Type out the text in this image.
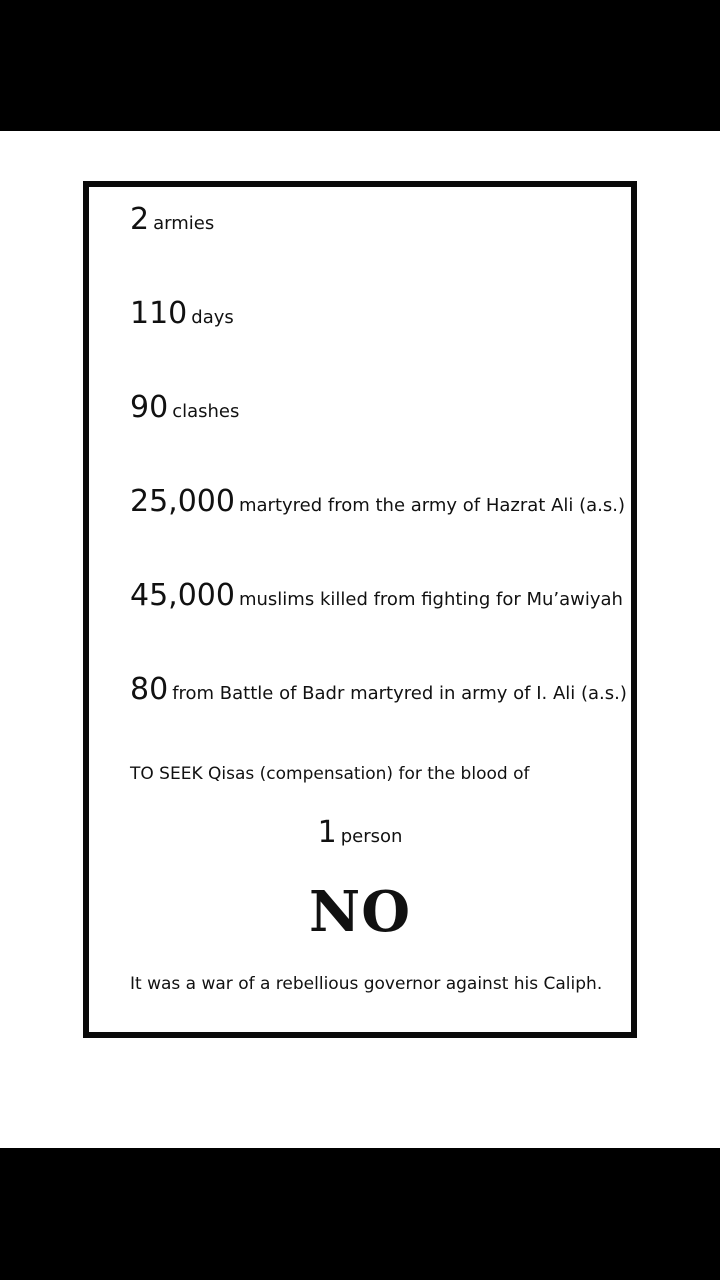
2 armies
110 days
90 clashes
25,000 martyred from the army of Hazrat Ali (a.s.)
45,000 muslims killed from fighting for Mu’awiyah
80 from Battle of Badr martyred in army of I. Ali (a.s.)
TO SEEK Qisas (compensation) for the blood of
1 person
NO
It was a war of a rebellious governor against his Caliph.
